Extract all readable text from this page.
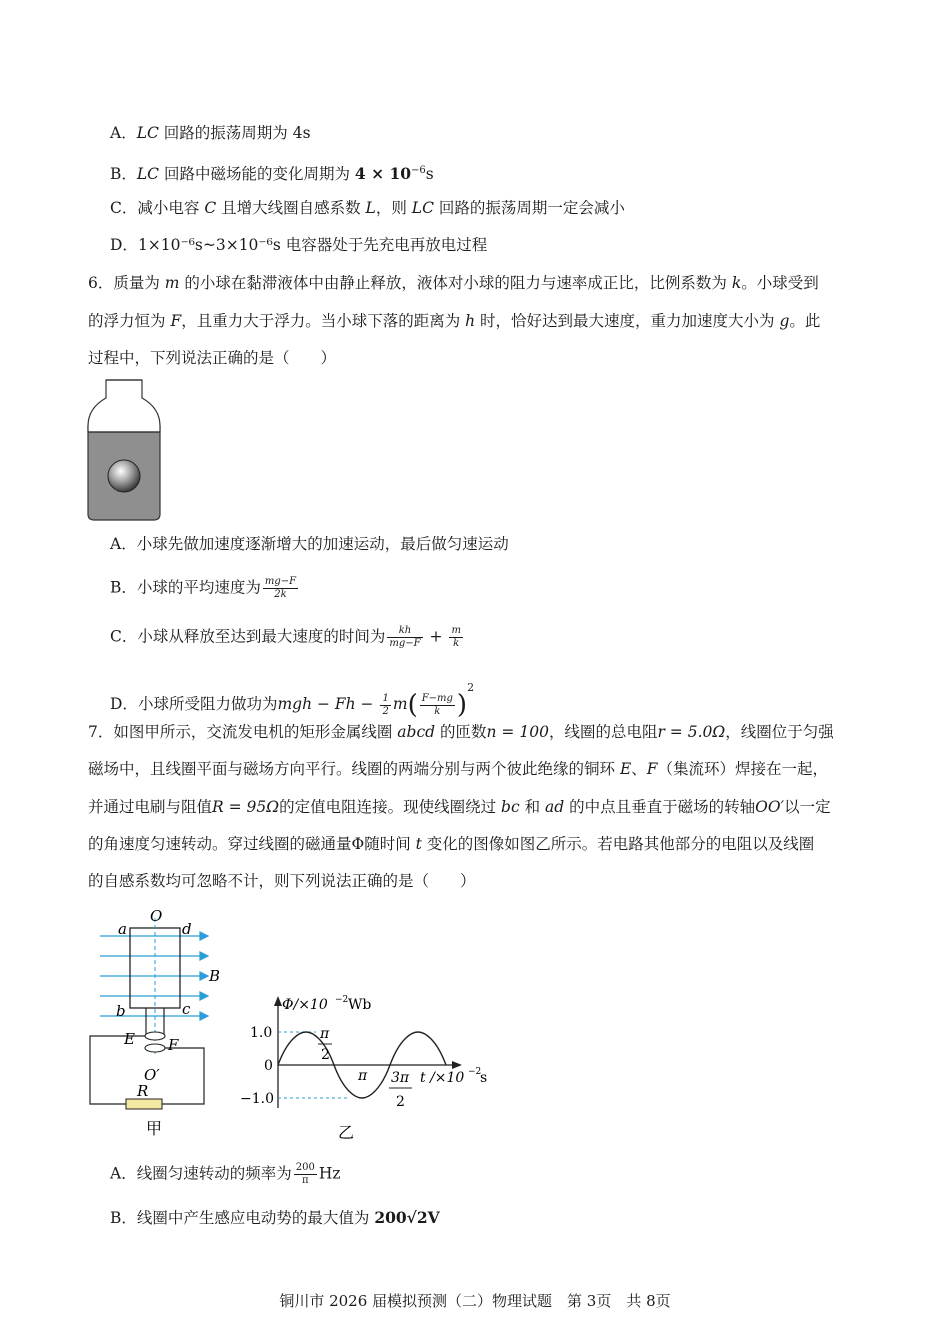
A．LC 回路的振荡周期为 4s
B．LC 回路中磁场能的变化周期为 $4 \times 10^{-6}s$
C．减小电容 C 且增大线圈自感系数 L，则 LC 回路的振荡周期一定会减小
D．1×10⁻⁶s~3×10⁻⁶s 电容器处于先充电再放电过程
6．质量为 m 的小球在黏滞液体中由静止释放，液体对小球的阻力与速率成正比，比例系数为 k。小球受到
的浮力恒为 F，且重力大于浮力。当小球下落的距离为 h 时，恰好达到最大速度，重力加速度大小为 g。此
过程中，下列说法正确的是（　　）
A．小球先做加速度逐渐增大的加速运动，最后做匀速运动
B．小球的平均速度为 $\frac{mg-F}{2k}$
C．小球从释放至达到最大速度的时间为 $\frac{kh}{mg-F} + \frac{m}{k}$
D．小球所受阻力做功为mgh − $Fh - \frac{1}{2} m( \frac{F-mg}{k} )^2$
7．如图甲所示，交流发电机的矩形金属线圈 abcd 的匝数n = 100，线圈的总电阻r = 5.0Ω，线圈位于匀强
磁场中，且线圈平面与磁场方向平行。线圈的两端分别与两个彼此绝缘的铜环 E、F（集流环）焊接在一起，
并通过电刷与阻值R = 95Ω的定值电阻连接。现使线圈绕过 bc 和 ad 的中点且垂直于磁场的转轴OO′以一定
的角速度匀速转动。穿过线圈的磁通量Φ随时间 t 变化的图像如图乙所示。若电路其他部分的电阻以及线圈
的自感系数均可忽略不计，则下列说法正确的是（　　）
O
a	d
B
b	c
E F
O′
R
甲
Φ/×10 −2 Wb
1.0
0
−1.0
π
2
π 3π
2
t /×10 −2
s
乙
A．线圈匀速转动的频率为 $\frac{200}{\pi}$ Hz
B．线圈中产生感应电动势的最大值为 200√2V
铜川市 2026 届模拟预测（二）物理试题　第 3页　共 8页
